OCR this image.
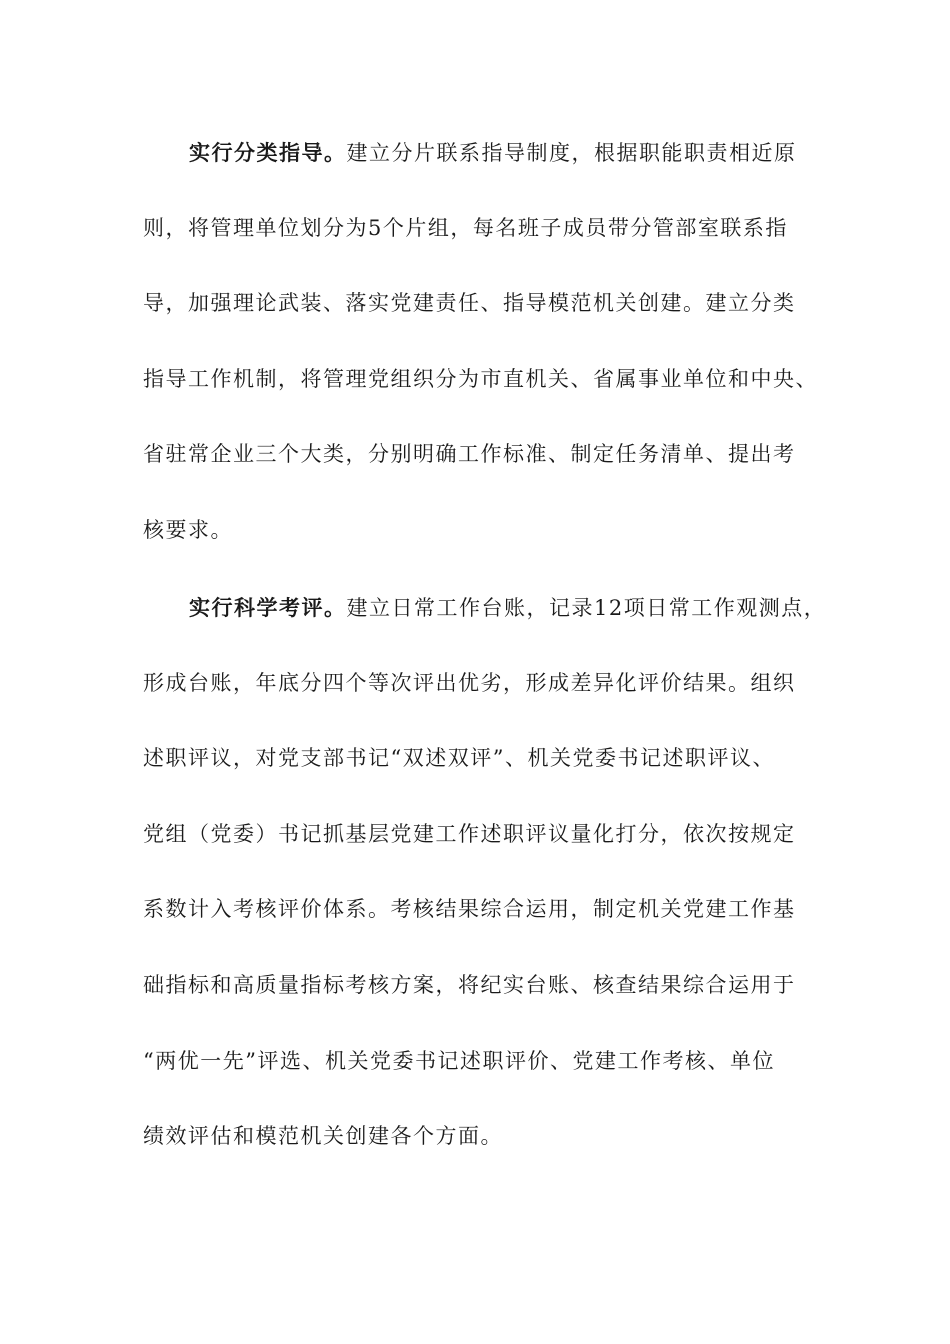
实行分类指导。建立分片联系指导制度，根据职能职责相近原
则，将管理单位划分为5个片组，每名班子成员带分管部室联系指
导，加强理论武装、落实党建责任、指导模范机关创建。建立分类
指导工作机制，将管理党组织分为市直机关、省属事业单位和中央、
省驻常企业三个大类，分别明确工作标准、制定任务清单、提出考
核要求。
实行科学考评。建立日常工作台账，记录12项日常工作观测点，
形成台账，年底分四个等次评出优劣，形成差异化评价结果。组织
述职评议，对党支部书记“双述双评”、机关党委书记述职评议、
党组（党委）书记抓基层党建工作述职评议量化打分，依次按规定
系数计入考核评价体系。考核结果综合运用，制定机关党建工作基
础指标和高质量指标考核方案，将纪实台账、核查结果综合运用于
“两优一先”评选、机关党委书记述职评价、党建工作考核、单位
绩效评估和模范机关创建各个方面。
